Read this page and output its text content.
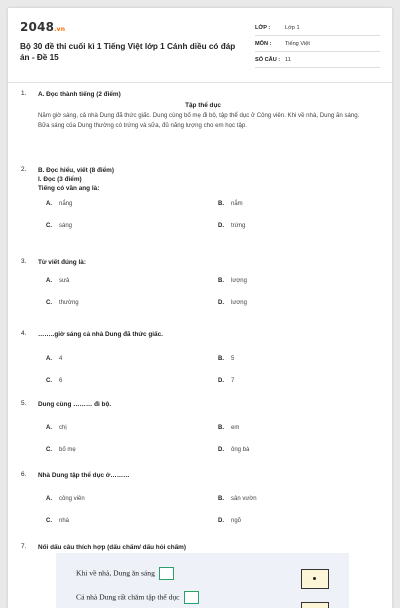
2048.vn
Bộ 30 đề thi cuối kì 1 Tiếng Việt lớp 1 Cánh diều có đáp án - Đề 15
LỚP :	Lớp 1
MÔN : Tiếng Việt
SỐ CÂU : 11
1. A. Đọc thành tiếng (2 điểm)
Tập thể dục
Năm giờ sáng, cả nhà Dung đã thức giấc. Dung cùng bố mẹ đi bộ, tập thể dục ở Công viên. Khi về nhà, Dung ăn sáng. Bữa sáng của Dung thường có trứng và sữa, đủ năng lượng cho em học tập.
2. B. Đọc hiểu, viết (8 điểm)
I. Đọc (3 điểm)
Tiếng có vần ang là:
A. nắng	B. nắm
C. sáng	D. trứng
3. Từ viết đúng là:
A. sưả	B. lượng
C. thường	D. lương
4. ……..giờ sáng cả nhà Dung đã thức giấc.
A. 4	B. 5
C. 6	D. 7
5. Dung cùng ……… đi bộ.
A. chị	B. em
C. bố mẹ	D. ông bà
6. Nhà Dung tập thể dục ở………
A. công viên	B. sân vườn
C. nhà	D. ngõ
7. Nối dấu câu thích hợp (dấu chấm/ dấu hỏi chấm)
Khi về nhà, Dung ăn sáng
Cả nhà Dung rất chăm tập thể dục
